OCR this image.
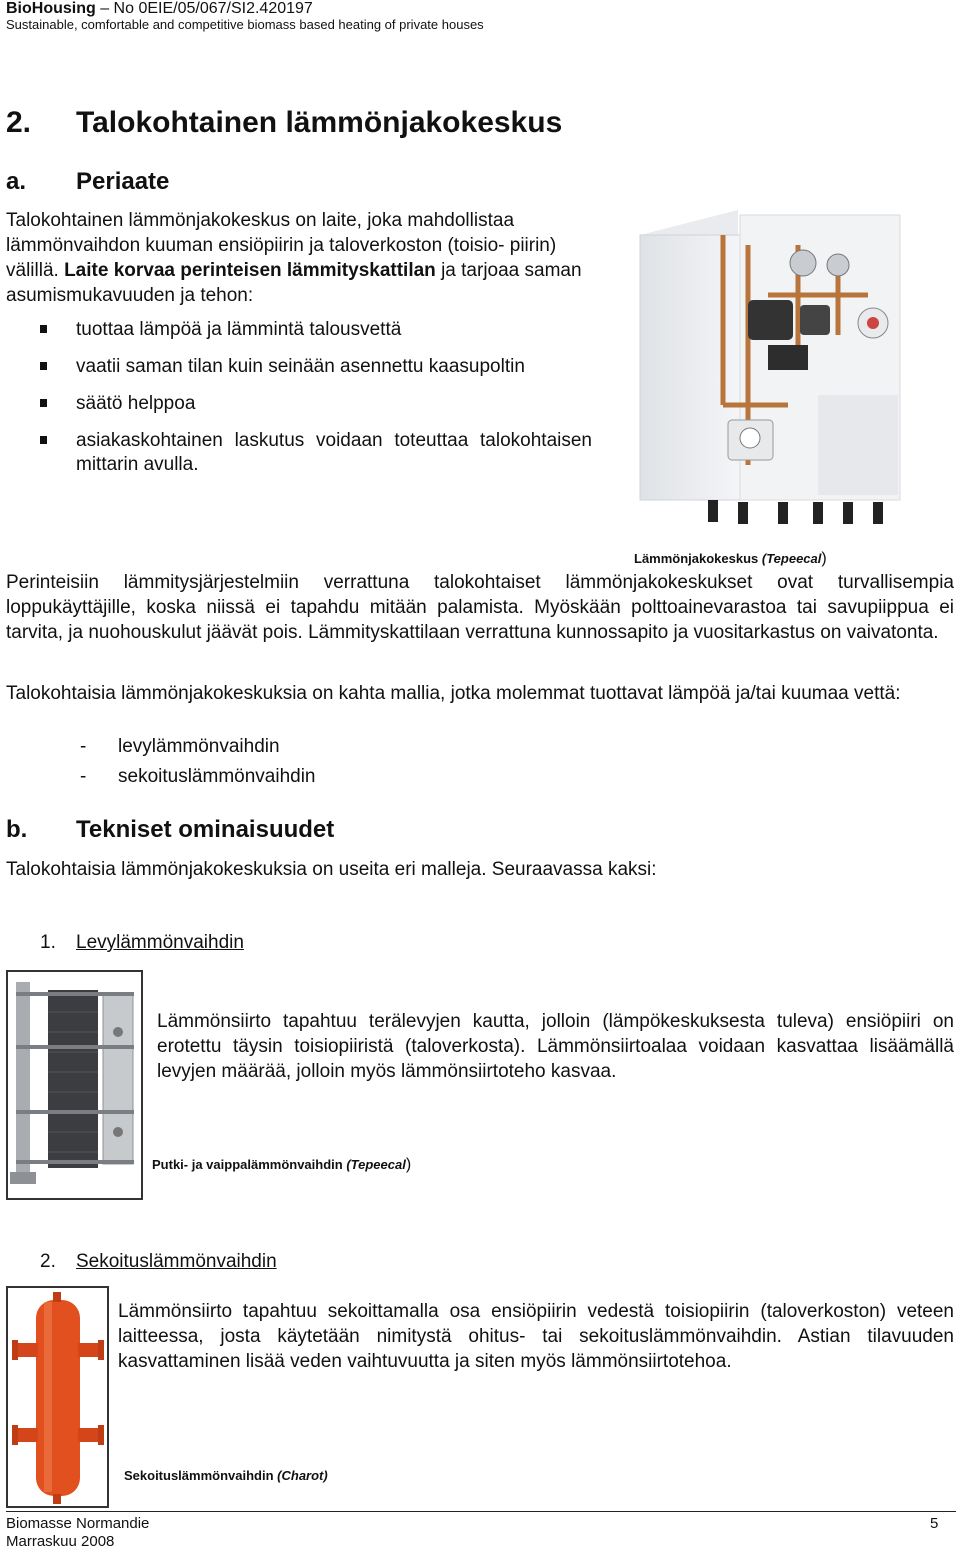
BioHousing – No 0EIE/05/067/SI2.420197
Sustainable, comfortable and competitive biomass based heating of private houses
2. Talokohtainen lämmönjakokeskus
a. Periaate
Talokohtainen lämmönjakokeskus on laite, joka mahdollistaa lämmönvaihdon kuuman ensiöpiirin ja taloverkoston (toisio- piirin) välillä. Laite korvaa perinteisen lämmityskattilan ja tarjoaa saman asumismukavuuden ja tehon:
tuottaa lämpöä ja lämmintä talousvettä
vaatii saman tilan kuin seinään asennettu kaasupoltin
säätö helppoa
asiakaskohtainen laskutus voidaan toteuttaa talokohtaisen mittarin avulla.
Lämmönjakokeskus (Tepeecal)
Perinteisiin lämmitysjärjestelmiin verrattuna talokohtaiset lämmönjakokeskukset ovat turvallisempia loppukäyttäjille, koska niissä ei tapahdu mitään palamista. Myöskään polttoainevarastoa tai savupiippua ei tarvita, ja nuohouskulut jäävät pois. Lämmityskattilaan verrattuna kunnossapito ja vuositarkastus on vaivatonta.
Talokohtaisia lämmönjakokeskuksia on kahta mallia, jotka molemmat tuottavat lämpöä ja/tai kuumaa vettä:
- levylämmönvaihdin
- sekoituslämmönvaihdin
b. Tekniset ominaisuudet
Talokohtaisia lämmönjakokeskuksia on useita eri malleja. Seuraavassa kaksi:
1. Levylämmönvaihdin
Lämmönsiirto tapahtuu terälevyjen kautta, jolloin (lämpökeskuksesta tuleva) ensiöpiiri on erotettu täysin toisiopiiristä (taloverkosta). Lämmönsiirtoalaa voidaan kasvattaa lisäämällä levyjen määrää, jolloin myös lämmönsiirtoteho kasvaa.
Putki- ja vaippalämmönvaihdin (Tepeecal)
2. Sekoituslämmönvaihdin
Lämmönsiirto tapahtuu sekoittamalla osa ensiöpiirin vedestä toisiopiirin (taloverkoston) veteen laitteessa, josta käytetään nimitystä ohitus- tai sekoituslämmönvaihdin. Astian tilavuuden kasvattaminen lisää veden vaihtuvuutta ja siten myös lämmönsiirtotehoa.
Sekoituslämmönvaihdin (Charot)
Biomasse Normandie
Marraskuu 2008
5
